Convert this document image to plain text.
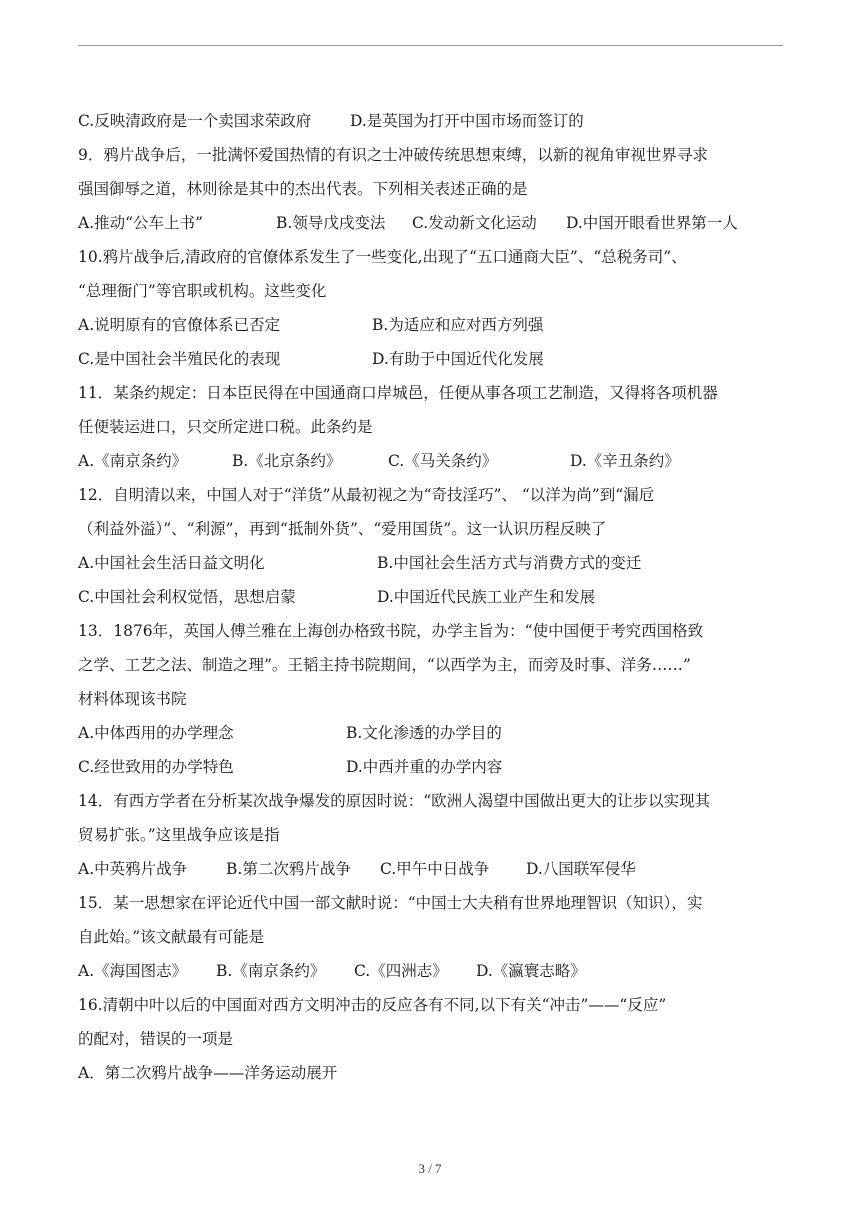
C.反映清政府是一个卖国求荣政府	D.是英国为打开中国市场而签订的
9．鸦片战争后，一批满怀爱国热情的有识之士冲破传统思想束缚，以新的视角审视世界寻求
强国御辱之道，林则徐是其中的杰出代表。下列相关表述正确的是
A.推动“公车上书”	B.领导戊戌变法	C.发动新文化运动	D.中国开眼看世界第一人
10.鸦片战争后,清政府的官僚体系发生了一些变化,出现了“五口通商大臣”、“总税务司”、
“总理衙门”等官职或机构。这些变化
A.说明原有的官僚体系已否定	B.为适应和应对西方列强
C.是中国社会半殖民化的表现	D.有助于中国近代化发展
11．某条约规定：日本臣民得在中国通商口岸城邑，任便从事各项工艺制造，又得将各项机器
任便装运进口，只交所定进口税。此条约是
A.《南京条约》	B.《北京条约》	C.《马关条约》	D.《辛丑条约》
12．自明清以来，中国人对于“洋货”从最初视之为“奇技淫巧”、 “以洋为尚”到“漏卮
（利益外溢）”、“利源”，再到“抵制外货”、“爱用国货”。这一认识历程反映了
A.中国社会生活日益文明化	B.中国社会生活方式与消费方式的变迁
C.中国社会利权觉悟，思想启蒙	D.中国近代民族工业产生和发展
13．1876年，英国人傅兰雅在上海创办格致书院，办学主旨为：“使中国便于考究西国格致
之学、工艺之法、制造之理”。王韬主持书院期间，“以西学为主，而旁及时事、洋务……”
材料体现该书院
A.中体西用的办学理念	B.文化渗透的办学目的
C.经世致用的办学特色	D.中西并重的办学内容
14．有西方学者在分析某次战争爆发的原因时说：“欧洲人渴望中国做出更大的让步以实现其
贸易扩张。”这里战争应该是指
A.中英鸦片战争	B.第二次鸦片战争	C.甲午中日战争	D.八国联军侵华
15．某一思想家在评论近代中国一部文献时说：“中国士大夫稍有世界地理智识（知识），实
自此始。”该文献最有可能是
A.《海国图志》	B.《南京条约》	C.《四洲志》	D.《瀛寰志略》
16.清朝中叶以后的中国面对西方文明冲击的反应各有不同,以下有关“冲击”——“反应”
的配对，错误的一项是
A．第二次鸦片战争——洋务运动展开
3 / 7
